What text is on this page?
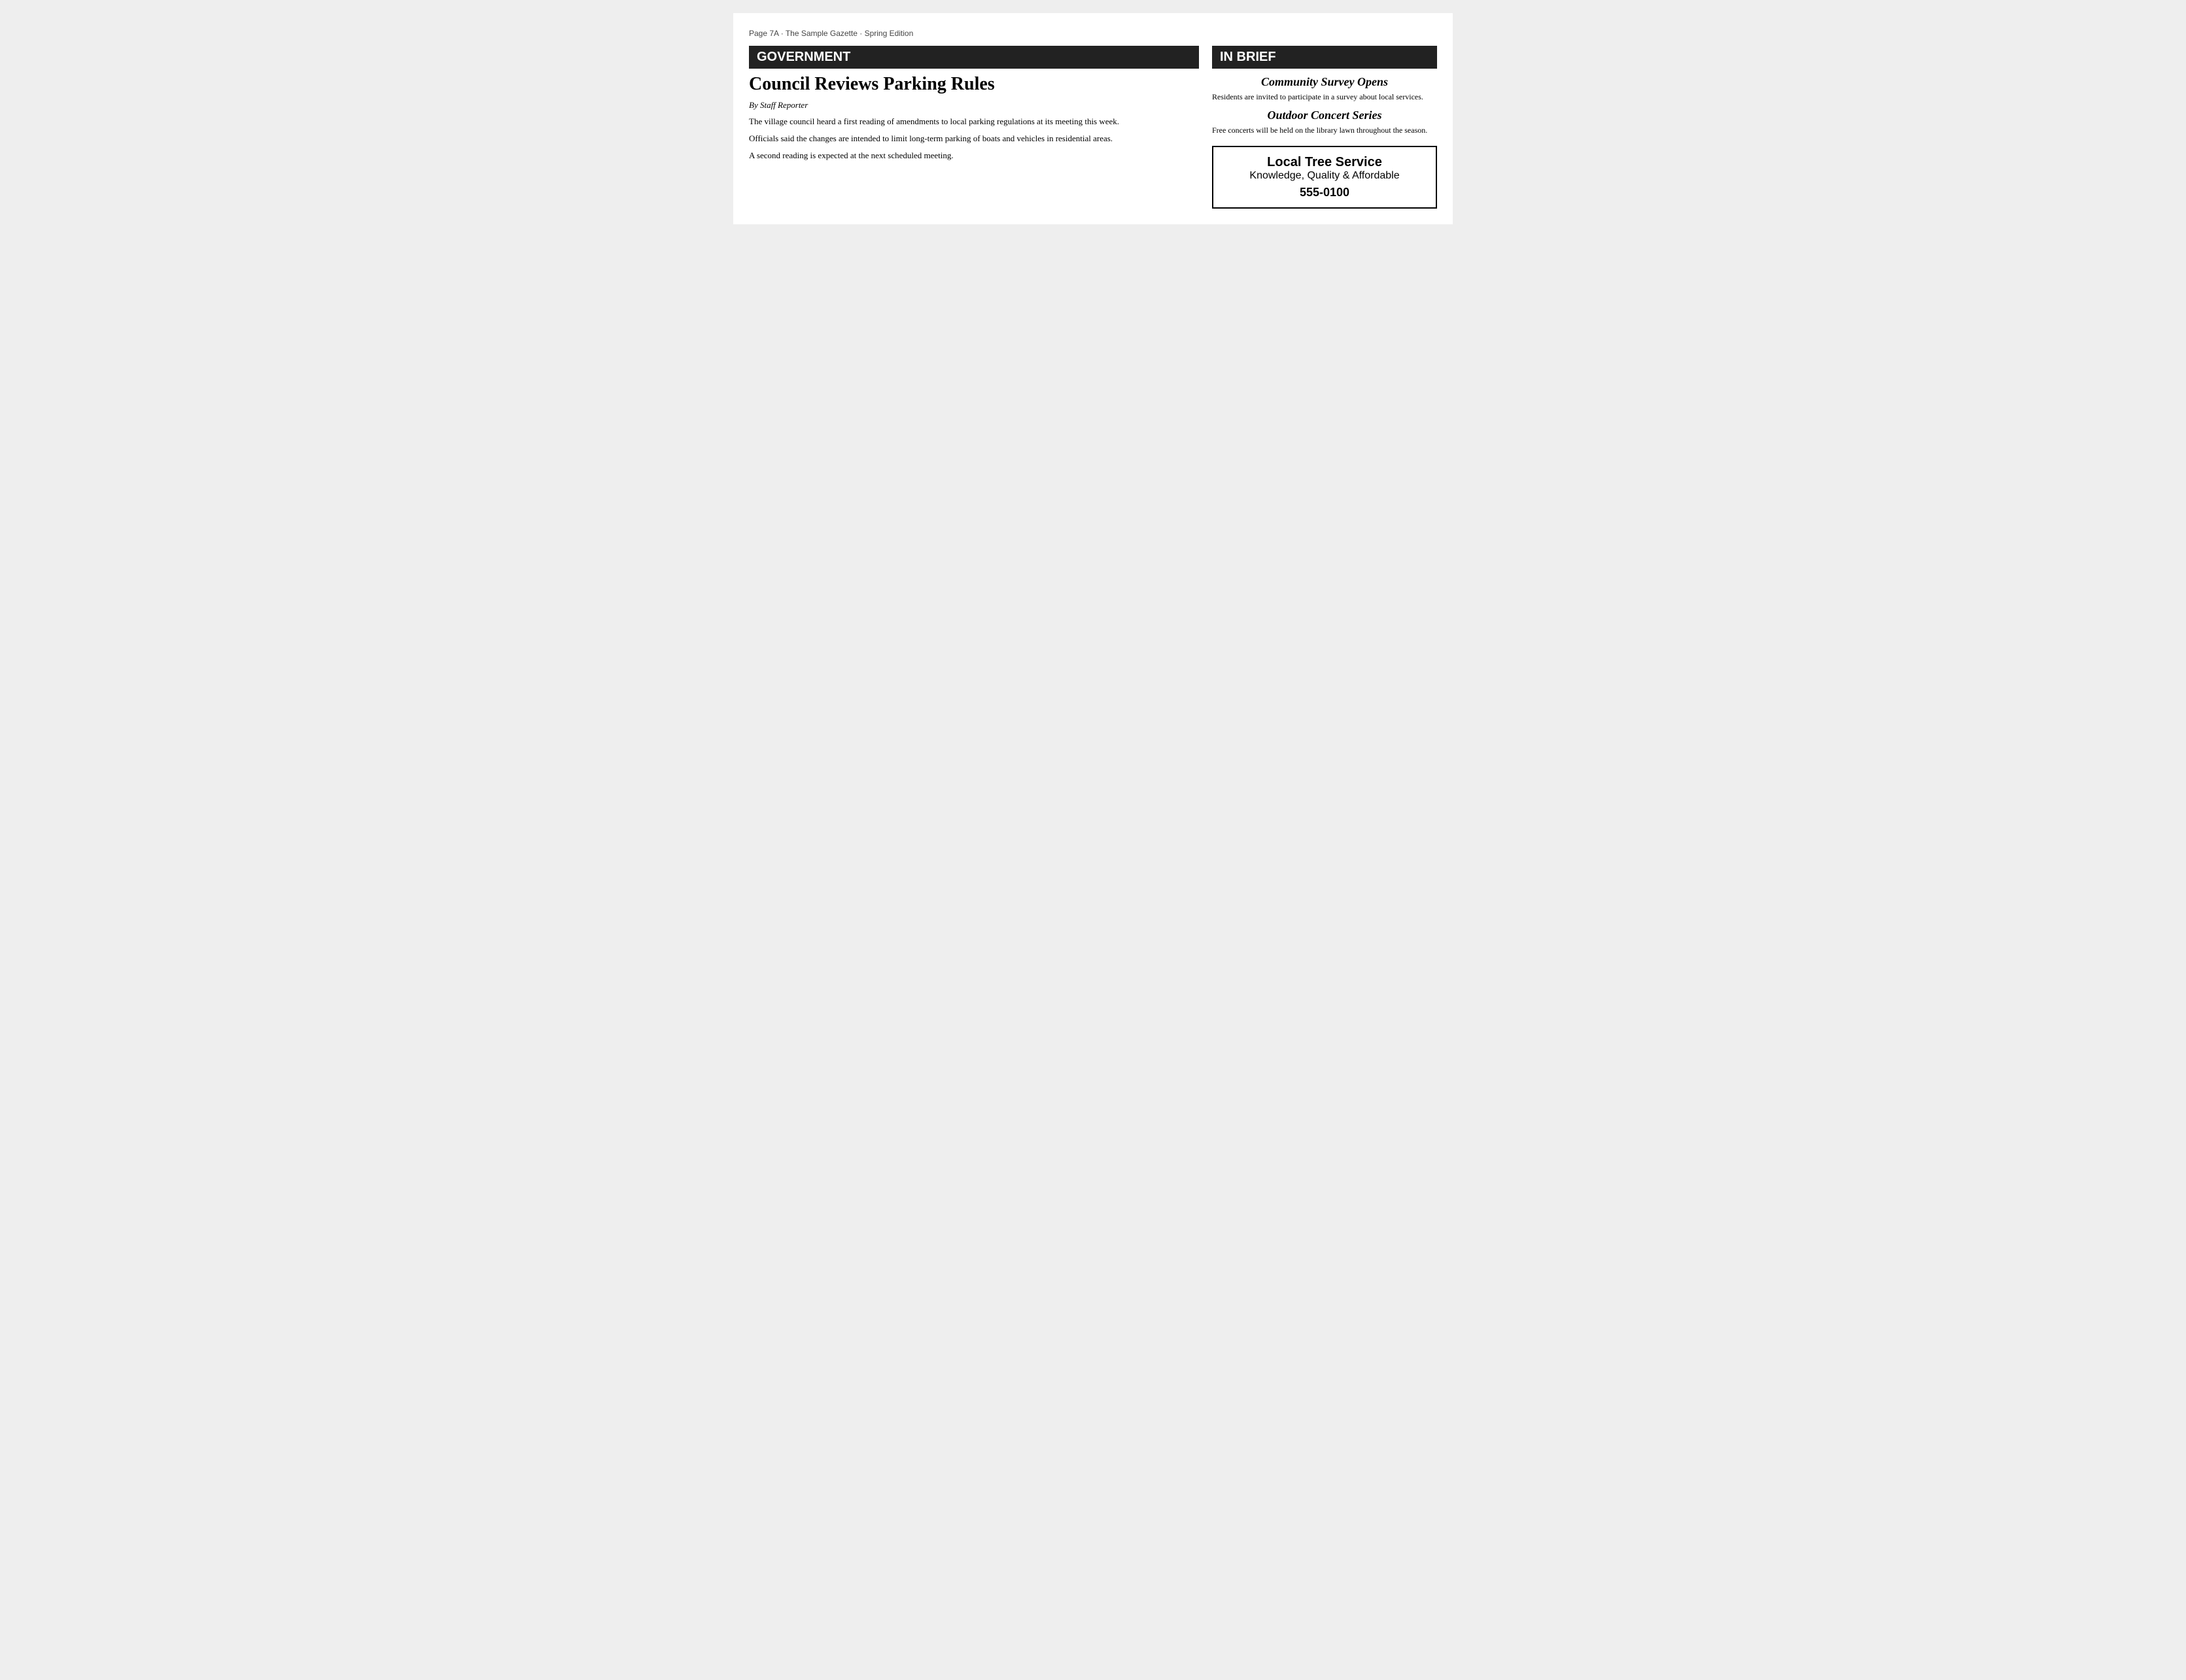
Page 7A · The Sample Gazette · Spring Edition
GOVERNMENT
Council Reviews Parking Rules
By Staff Reporter

The village council heard a first reading of amendments to local parking regulations at its meeting this week.

Officials said the changes are intended to limit long-term parking of boats and vehicles in residential areas.

A second reading is expected at the next scheduled meeting.

IN BRIEF
Community Survey Opens

Residents are invited to participate in a survey about local services.

Outdoor Concert Series

Free concerts will be held on the library lawn throughout the season.

Local Tree Service
Knowledge, Quality & Affordable
555-0100
